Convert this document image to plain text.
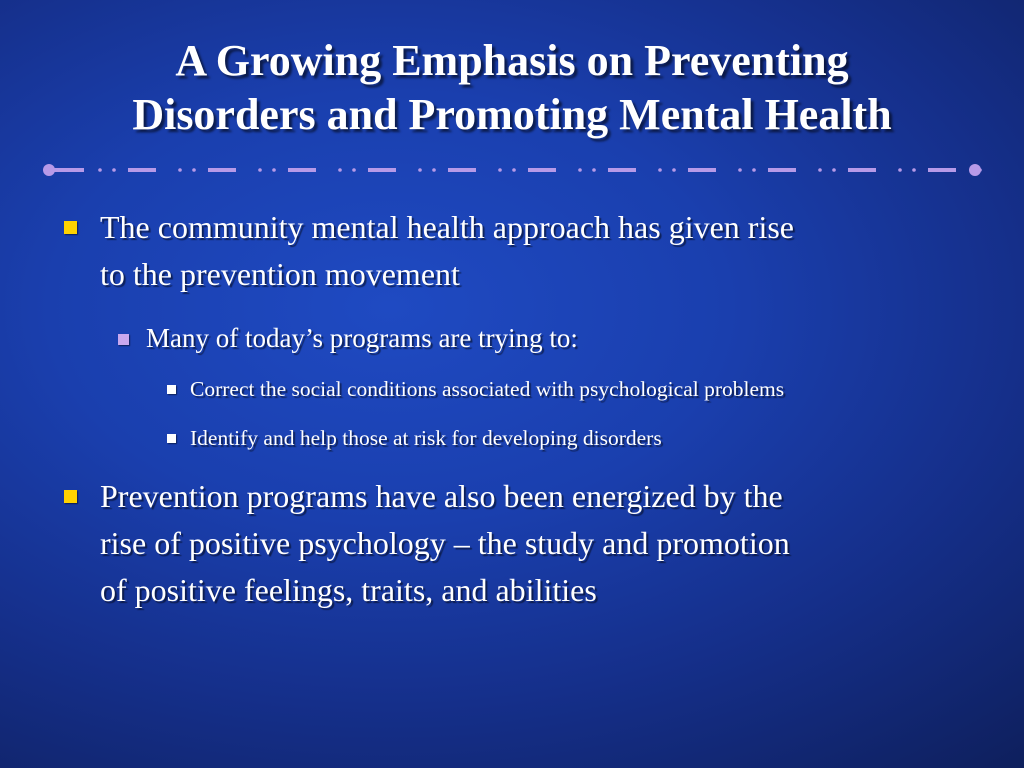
A Growing Emphasis on Preventing
Disorders and Promoting Mental Health
The community mental health approach has given rise
to the prevention movement
Many of today’s programs are trying to:
Correct the social conditions associated with psychological problems
Identify and help those at risk for developing disorders
Prevention programs have also been energized by the
rise of positive psychology – the study and promotion
of positive feelings, traits, and abilities
